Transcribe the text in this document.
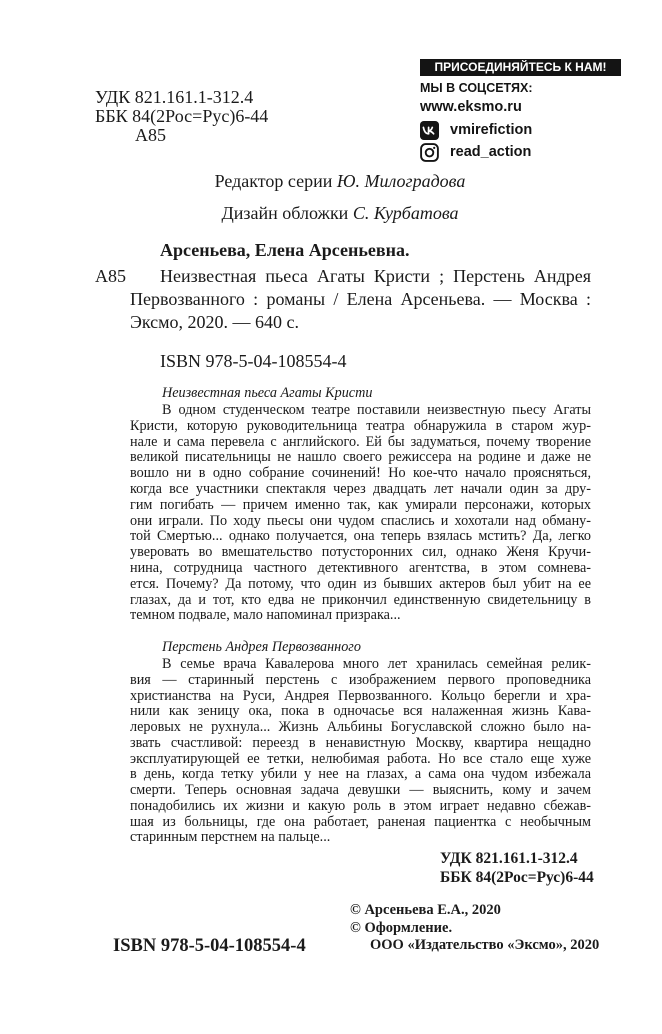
УДК 821.161.1-312.4
ББК 84(2Рос=Рус)6-44
А85
ПРИСОЕДИНЯЙТЕСЬ К НАМ!
МЫ В СОЦСЕТЯХ:
www.eksmo.ru
vmirefiction
read_action
Редактор серии Ю. Милоградова
Дизайн обложки С. Курбатова
Арсеньева, Елена Арсеньевна.
А85	Неизвестная пьеса Агаты Кристи ; Перстень Андрея
Первозванного : романы / Елена Арсеньева. — Москва :
Эксмо, 2020. — 640 с.
ISBN 978-5-04-108554-4
Неизвестная пьеса Агаты Кристи
В одном студенческом театре поставили неизвестную пьесу Агаты
Кристи, которую руководительница театра обнаружила в старом жур-
нале и сама перевела с английского. Ей бы задуматься, почему творение
великой писательницы не нашло своего режиссера на родине и даже не
вошло ни в одно собрание сочинений! Но кое-что начало проясняться,
когда все участники спектакля через двадцать лет начали один за дру-
гим погибать — причем именно так, как умирали персонажи, которых
они играли. По ходу пьесы они чудом спаслись и хохотали над обману-
той Смертью... однако получается, она теперь взялась мстить? Да, легко
уверовать во вмешательство потусторонних сил, однако Женя Кручи-
нина, сотрудница частного детективного агентства, в этом сомнева-
ется. Почему? Да потому, что один из бывших актеров был убит на ее
глазах, да и тот, кто едва не прикончил единственную свидетельницу в
темном подвале, мало напоминал призрака...
Перстень Андрея Первозванного
В семье врача Кавалерова много лет хранилась семейная релик-
вия — старинный перстень с изображением первого проповедника
христианства на Руси, Андрея Первозванного. Кольцо берегли и хра-
нили как зеницу ока, пока в одночасье вся налаженная жизнь Кава-
леровых не рухнула... Жизнь Альбины Богуславской сложно было на-
звать счастливой: переезд в ненавистную Москву, квартира нещадно
эксплуатирующей ее тетки, нелюбимая работа. Но все стало еще хуже
в день, когда тетку убили у нее на глазах, а сама она чудом избежала
смерти. Теперь основная задача девушки — выяснить, кому и зачем
понадобились их жизни и какую роль в этом играет недавно сбежав-
шая из больницы, где она работает, раненая пациентка с необычным
старинным перстнем на пальце...
УДК 821.161.1-312.4
ББК 84(2Рос=Рус)6-44
© Арсеньева Е.А., 2020
© Оформление.
ООО «Издательство «Эксмо», 2020
ISBN 978-5-04-108554-4
